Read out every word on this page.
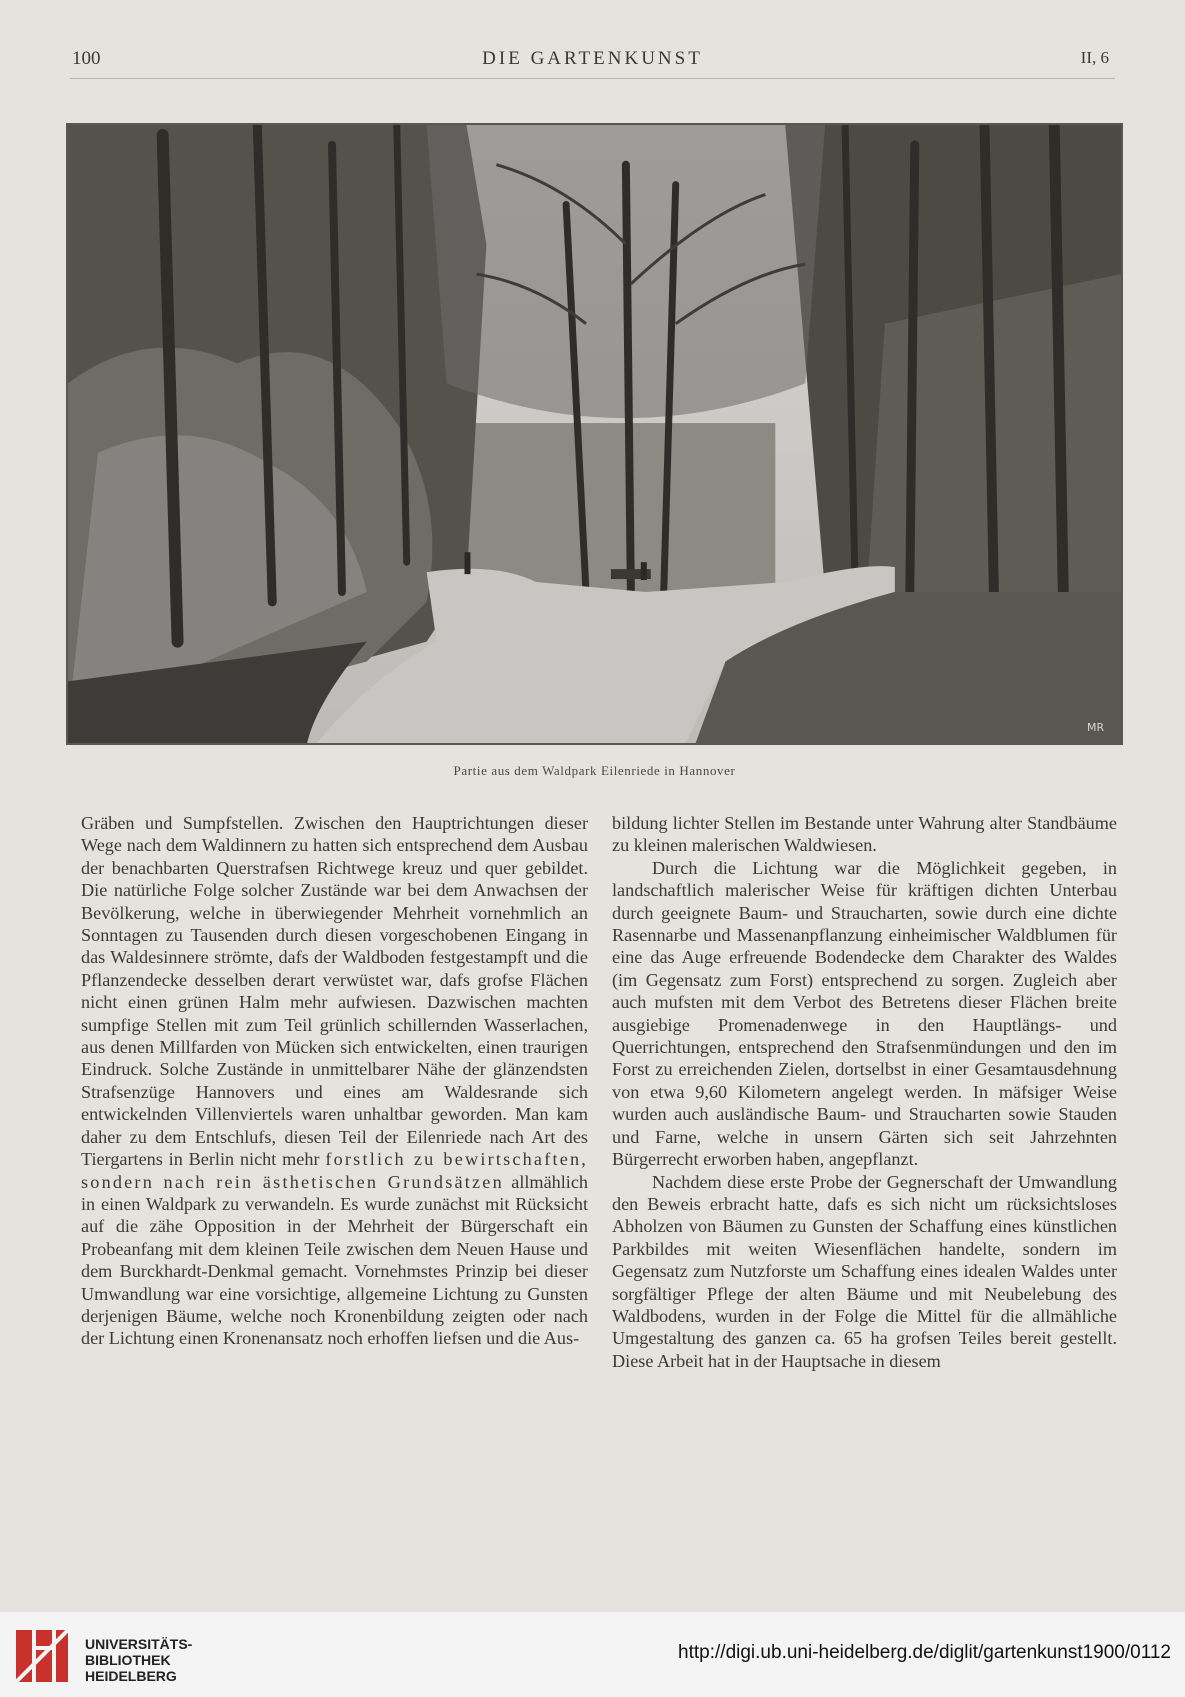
100	DIE GARTENKUNST	II, 6
MR
Partie aus dem Waldpark Eilenriede in Hannover

Gräben und Sumpfstellen. Zwischen den Hauptrichtungen dieser Wege nach dem Waldinnern zu hatten sich entsprechend dem Ausbau der benachbarten Querstrafsen Richtwege kreuz und quer gebildet. Die natürliche Folge solcher Zustände war bei dem Anwachsen der Bevölkerung, welche in überwiegender Mehrheit vornehmlich an Sonntagen zu Tausenden durch diesen vorgeschobenen Eingang in das Waldesinnere strömte, dafs der Waldboden festgestampft und die Pflanzendecke desselben derart verwüstet war, dafs grofse Flächen nicht einen grünen Halm mehr aufwiesen. Dazwischen machten sumpfige Stellen mit zum Teil grünlich schillernden Wasserlachen, aus denen Millfarden von Mücken sich entwickelten, einen traurigen Eindruck. Solche Zustände in unmittelbarer Nähe der glänzendsten Strafsenzüge Hannovers und eines am Waldesrande sich entwickelnden Villenviertels waren unhaltbar geworden. Man kam daher zu dem Entschlufs, diesen Teil der Eilenriede nach Art des Tiergartens in Berlin nicht mehr forstlich zu bewirtschaften, sondern nach rein ästhetischen Grundsätzen allmählich in einen Waldpark zu verwandeln. Es wurde zunächst mit Rücksicht auf die zähe Opposition in der Mehrheit der Bürgerschaft ein Probeanfang mit dem kleinen Teile zwischen dem Neuen Hause und dem Burckhardt-Denkmal gemacht. Vornehmstes Prinzip bei dieser Umwandlung war eine vorsichtige, allgemeine Lichtung zu Gunsten derjenigen Bäume, welche noch Kronenbildung zeigten oder nach der Lichtung einen Kronenansatz noch erhoffen liefsen und die Aus-

bildung lichter Stellen im Bestande unter Wahrung alter Standbäume zu kleinen malerischen Waldwiesen.

Durch die Lichtung war die Möglichkeit gegeben, in landschaftlich malerischer Weise für kräftigen dichten Unterbau durch geeignete Baum- und Straucharten, sowie durch eine dichte Rasennarbe und Massenanpflanzung einheimischer Waldblumen für eine das Auge erfreuende Bodendecke dem Charakter des Waldes (im Gegensatz zum Forst) entsprechend zu sorgen. Zugleich aber auch mufsten mit dem Verbot des Betretens dieser Flächen breite ausgiebige Promenadenwege in den Hauptlängs- und Querrichtungen, entsprechend den Strafsenmündungen und den im Forst zu erreichenden Zielen, dortselbst in einer Gesamtausdehnung von etwa 9,60 Kilometern angelegt werden. In mäfsiger Weise wurden auch ausländische Baum- und Straucharten sowie Stauden und Farne, welche in unsern Gärten sich seit Jahrzehnten Bürgerrecht erworben haben, angepflanzt.

Nachdem diese erste Probe der Gegnerschaft der Umwandlung den Beweis erbracht hatte, dafs es sich nicht um rücksichtsloses Abholzen von Bäumen zu Gunsten der Schaffung eines künstlichen Parkbildes mit weiten Wiesenflächen handelte, sondern im Gegensatz zum Nutzforste um Schaffung eines idealen Waldes unter sorgfältiger Pflege der alten Bäume und mit Neubelebung des Waldbodens, wurden in der Folge die Mittel für die allmähliche Umgestaltung des ganzen ca. 65 ha grofsen Teiles bereit gestellt. Diese Arbeit hat in der Hauptsache in diesem

UNIVERSITÄTS-
BIBLIOTHEK
HEIDELBERG
http://digi.ub.uni-heidelberg.de/diglit/gartenkunst1900/0112
